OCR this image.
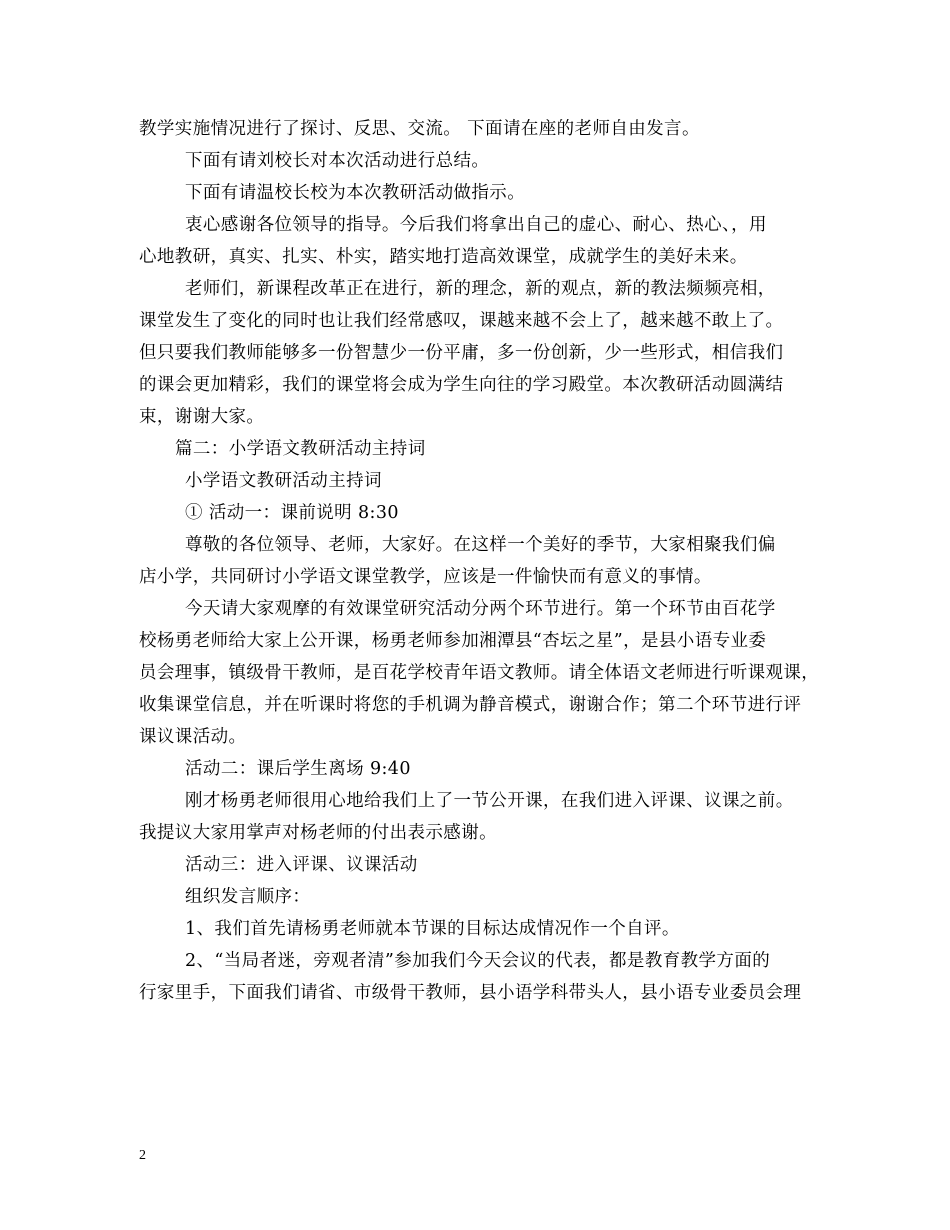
教学实施情况进行了探讨、反思、交流。 下面请在座的老师自由发言。
下面有请刘校长对本次活动进行总结。
下面有请温校长校为本次教研活动做指示。
衷心感谢各位领导的指导。今后我们将拿出自己的虚心、耐心、热心、，用
心地教研，真实、扎实、朴实，踏实地打造高效课堂，成就学生的美好未来。
老师们，新课程改革正在进行，新的理念，新的观点，新的教法频频亮相，
课堂发生了变化的同时也让我们经常感叹，课越来越不会上了，越来越不敢上了。
但只要我们教师能够多一份智慧少一份平庸，多一份创新，少一些形式，相信我们
的课会更加精彩，我们的课堂将会成为学生向往的学习殿堂。本次教研活动圆满结
束，谢谢大家。
篇二：小学语文教研活动主持词
小学语文教研活动主持词
① 活动一：课前说明 8:30
尊敬的各位领导、老师，大家好。在这样一个美好的季节，大家相聚我们偏
店小学，共同研讨小学语文课堂教学，应该是一件愉快而有意义的事情。
今天请大家观摩的有效课堂研究活动分两个环节进行。第一个环节由百花学
校杨勇老师给大家上公开课，杨勇老师参加湘潭县“杏坛之星”，是县小语专业委
员会理事，镇级骨干教师，是百花学校青年语文教师。请全体语文老师进行听课观课，
收集课堂信息，并在听课时将您的手机调为静音模式，谢谢合作；第二个环节进行评
课议课活动。
活动二：课后学生离场 9:40
刚才杨勇老师很用心地给我们上了一节公开课，在我们进入评课、议课之前。
我提议大家用掌声对杨老师的付出表示感谢。
活动三：进入评课、议课活动
组织发言顺序：
1、我们首先请杨勇老师就本节课的目标达成情况作一个自评。
2、“当局者迷，旁观者清”参加我们今天会议的代表，都是教育教学方面的
行家里手，下面我们请省、市级骨干教师，县小语学科带头人，县小语专业委员会理
2
